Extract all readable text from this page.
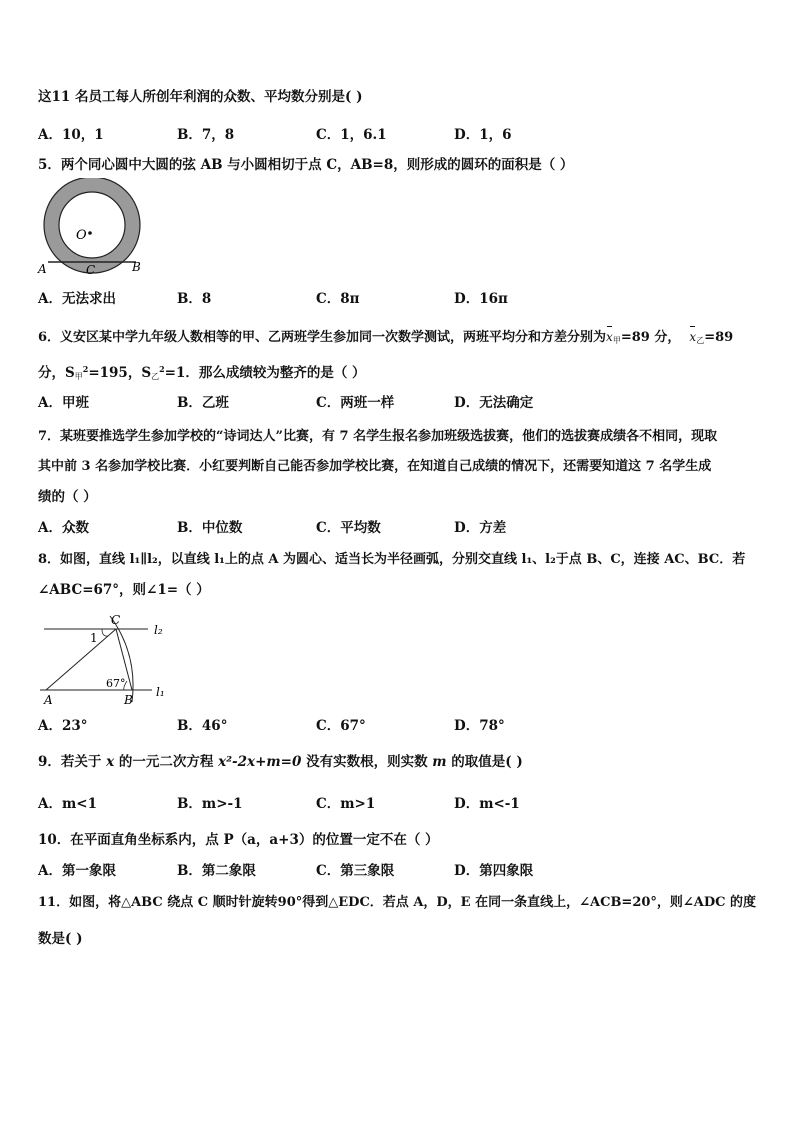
这11 名员工每人所创年利润的众数、平均数分别是( )
A．10，1	B．7，8	C．1，6.1	D．1，6
5．两个同心圆中大圆的弦 AB 与小圆相切于点 C，AB=8，则形成的圆环的面积是（ ）
O
A	B
C
A．无法求出	B．8	C．8π	D．16π
6．义安区某中学九年级人数相等的甲、乙两班学生参加同一次数学测试，两班平均分和方差分别为x甲=89 分， x乙=89
分，S甲$^2$=195，S乙$^2$=1．那么成绩较为整齐的是（ ）
A．甲班	B．乙班	C．两班一样	D．无法确定
7．某班要推选学生参加学校的“诗词达人”比赛，有 7 名学生报名参加班级选拔赛，他们的选拔赛成绩各不相同，现取
其中前 3 名参加学校比赛．小红要判断自己能否参加学校比赛，在知道自己成绩的情况下，还需要知道这 7 名学生成
绩的（ ）
A．众数	B．中位数	C．平均数	D．方差
8．如图，直线 l₁∥l₂，以直线 l₁上的点 A 为圆心、适当长为半径画弧，分别交直线 l₁、l₂于点 B、C，连接 AC、BC．若
∠ABC=67°，则∠1=（ ）
C
1
67°
A	B
l₂
l₁
A．23°	B．46°	C．67°	D．78°
9．若关于 x 的一元二次方程 x²-2x+m=0 没有实数根，则实数 m 的取值是( )
A．m<1	B．m>-1	C．m>1	D．m<-1
10．在平面直角坐标系内，点 P（a，a+3）的位置一定不在（ ）
A．第一象限	B．第二象限	C．第三象限	D．第四象限
11．如图，将△ABC 绕点 C 顺时针旋转90°得到△EDC．若点 A，D，E 在同一条直线上，∠ACB=20°，则∠ADC 的度
数是( )
